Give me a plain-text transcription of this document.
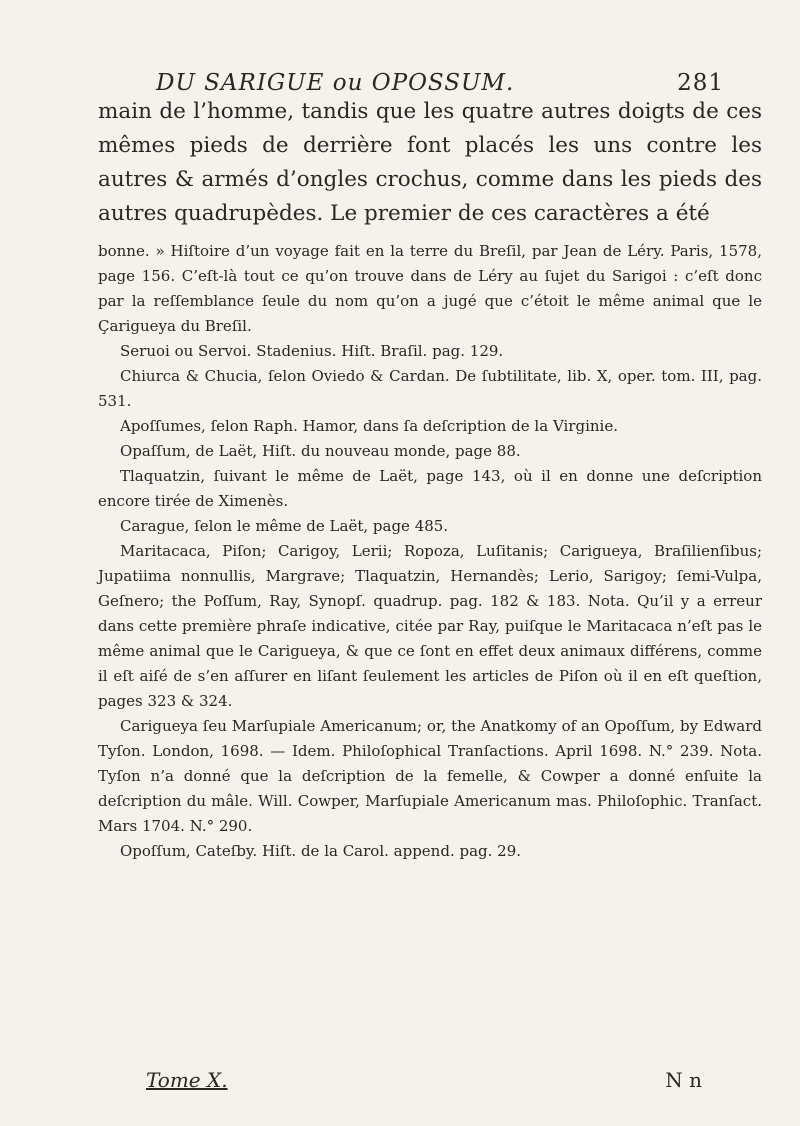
DU SARIGUE ou OPOSSUM.	281

main de l’homme, tandis que les quatre autres doigts de ces mêmes pieds de derrière font placés les uns contre les autres & armés d’ongles crochus, comme dans les pieds des autres quadrupèdes. Le premier de ces caractères a été

bonne. » Hiſtoire d’un voyage fait en la terre du Breſil, par Jean de Léry. Paris, 1578, page 156. C’eſt-là tout ce qu’on trouve dans de Léry au ſujet du Sarigoi : c’eſt donc par la reſſemblance ſeule du nom qu’on a jugé que c’étoit le même animal que le Çarigueya du Breſil.

Seruoi ou Servoi. Stadenius. Hiſt. Braſil. pag. 129.

Chiurca & Chucia, ſelon Oviedo & Cardan. De ſubtilitate, lib. X, oper. tom. III, pag. 531.

Apoſſumes, ſelon Raph. Hamor, dans ſa deſcription de la Virginie.

Opaſſum, de Laët, Hiſt. du nouveau monde, page 88.

Tlaquatzin, ſuivant le même de Laët, page 143, où il en donne une deſcription encore tirée de Ximenès.

Carague, ſelon le même de Laët, page 485.

Maritacaca, Piſon; Carigoy, Lerii; Ropoza, Luſitanis; Carigueya, Braſilienſibus; Jupatiima nonnullis, Margrave; Tlaquatzin, Hernandès; Lerio, Sarigoy; ſemi-Vulpa, Geſnero; the Poſſum, Ray, Synopſ. quadrup. pag. 182 & 183. Nota. Qu’il y a erreur dans cette première phraſe indicative, citée par Ray, puiſque le Maritacaca n’eſt pas le même animal que le Carigueya, & que ce ſont en effet deux animaux différens, comme il eſt aiſé de s’en aſſurer en liſant ſeulement les articles de Piſon où il en eſt queſtion, pages 323 & 324.

Carigueya ſeu Marſupiale Americanum; or, the Anatkomy of an Opoſſum, by Edward Tyſon. London, 1698. — Idem. Philoſophical Tranſactions. April 1698. N.° 239. Nota. Tyſon n’a donné que la deſcription de la femelle, & Cowper a donné enſuite la deſcription du mâle. Will. Cowper, Marſupiale Americanum mas. Philoſophic. Tranſact. Mars 1704. N.° 290.

Opoſſum, Cateſby. Hiſt. de la Carol. append. pag. 29.

Tome X.	N n
